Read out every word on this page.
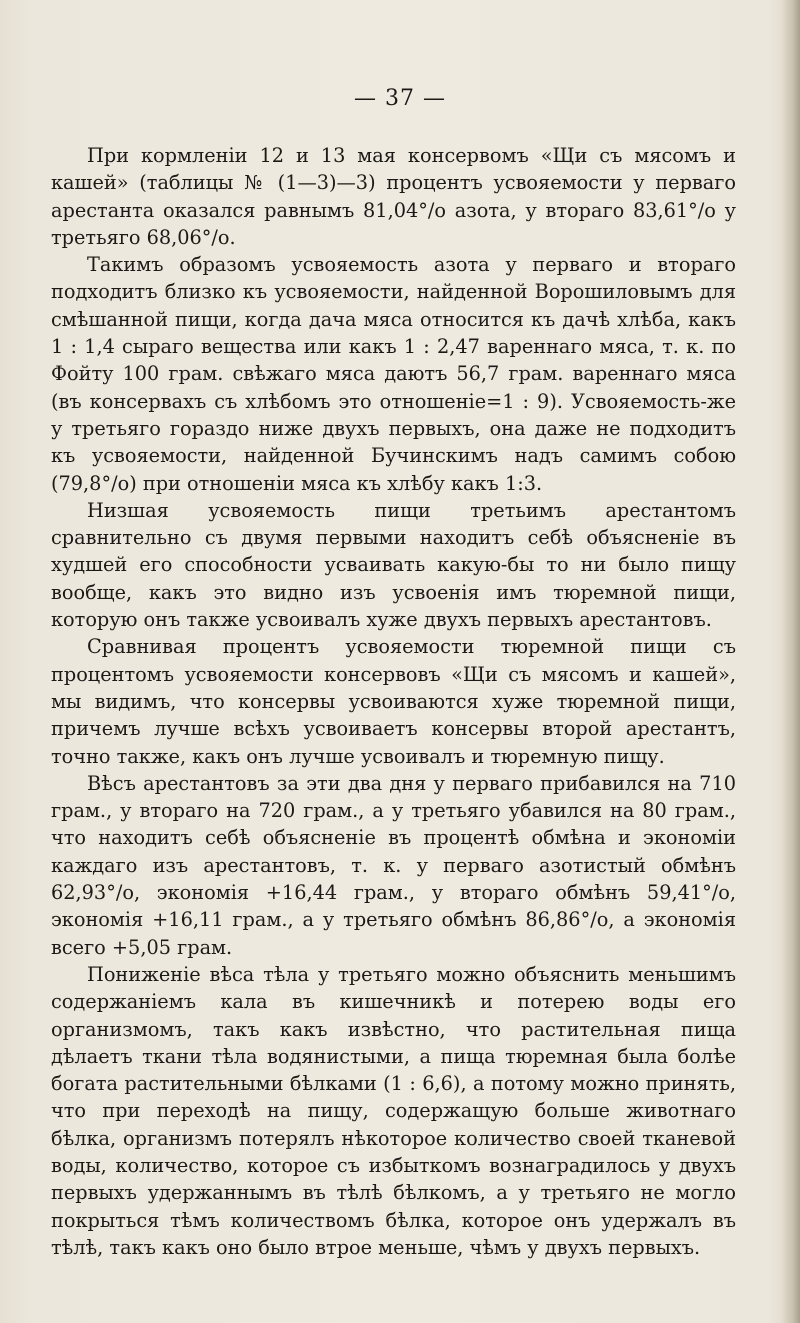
— 37 —

При кормленіи 12 и 13 мая консервомъ «Щи съ мясомъ и кашей» (таблицы № (1—3)—3) процентъ усвояемости у перваго арестанта оказался равнымъ 81,04°/о азота, у втораго 83,61°/о у третьяго 68,06°/о.

Такимъ образомъ усвояемость азота у перваго и втораго подходитъ близко къ усвояемости, найденной Ворошиловымъ для смѣшанной пищи, когда дача мяса относится къ дачѣ хлѣба, какъ 1 : 1,4 сыраго вещества или какъ 1 : 2,47 вареннаго мяса, т. к. по Фойту 100 грам. свѣжаго мяса даютъ 56,7 грам. вареннаго мяса (въ консервахъ съ хлѣбомъ это отношеніе=1 : 9). Усвояемость-же у третьяго гораздо ниже двухъ первыхъ, она даже не подходитъ къ усвояемости, найденной Бучинскимъ надъ самимъ собою (79,8°/о) при отношеніи мяса къ хлѣбу какъ 1:3.

Низшая усвояемость пищи третьимъ арестантомъ сравнительно съ двумя первыми находитъ себѣ объясненіе въ худшей его способности усваивать какую-бы то ни было пищу вообще, какъ это видно изъ усвоенія имъ тюремной пищи, которую онъ также усвоивалъ хуже двухъ первыхъ арестантовъ.

Сравнивая процентъ усвояемости тюремной пищи съ процентомъ усвояемости консервовъ «Щи съ мясомъ и кашей», мы видимъ, что консервы усвоиваются хуже тюремной пищи, причемъ лучше всѣхъ усвоиваетъ консервы второй арестантъ, точно также, какъ онъ лучше усвоивалъ и тюремную пищу.

Вѣсъ арестантовъ за эти два дня у перваго прибавился на 710 грам., у втораго на 720 грам., а у третьяго убавился на 80 грам., что находитъ себѣ объясненіе въ процентѣ обмѣна и экономіи каждаго изъ арестантовъ, т. к. у перваго азотистый обмѣнъ 62,93°/о, экономія +16,44 грам., у втораго обмѣнъ 59,41°/о, экономія +16,11 грам., а у третьяго обмѣнъ 86,86°/о, а экономія всего +5,05 грам.

Пониженіе вѣса тѣла у третьяго можно объяснить меньшимъ содержаніемъ кала въ кишечникѣ и потерею воды его организмомъ, такъ какъ извѣстно, что растительная пища дѣлаетъ ткани тѣла водянистыми, а пища тюремная была болѣе богата растительными бѣлками (1 : 6,6), а потому можно принять, что при переходѣ на пищу, содержащую больше животнаго бѣлка, организмъ потерялъ нѣкоторое количество своей тканевой воды, количество, которое съ избыткомъ вознаградилось у двухъ первыхъ удержаннымъ въ тѣлѣ бѣлкомъ, а у третьяго не могло покрыться тѣмъ количествомъ бѣлка, которое онъ удержалъ въ тѣлѣ, такъ какъ оно было втрое меньше, чѣмъ у двухъ первыхъ.
